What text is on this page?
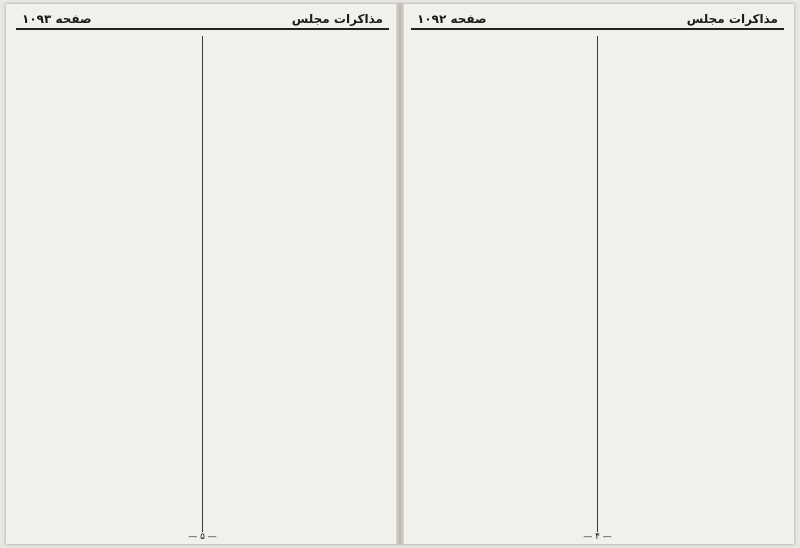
مذاکرات مجلس
صفحه ۱۰۹۳
— ۵ —
مذاکرات مجلس
صفحه ۱۰۹۲
— ۴ —
